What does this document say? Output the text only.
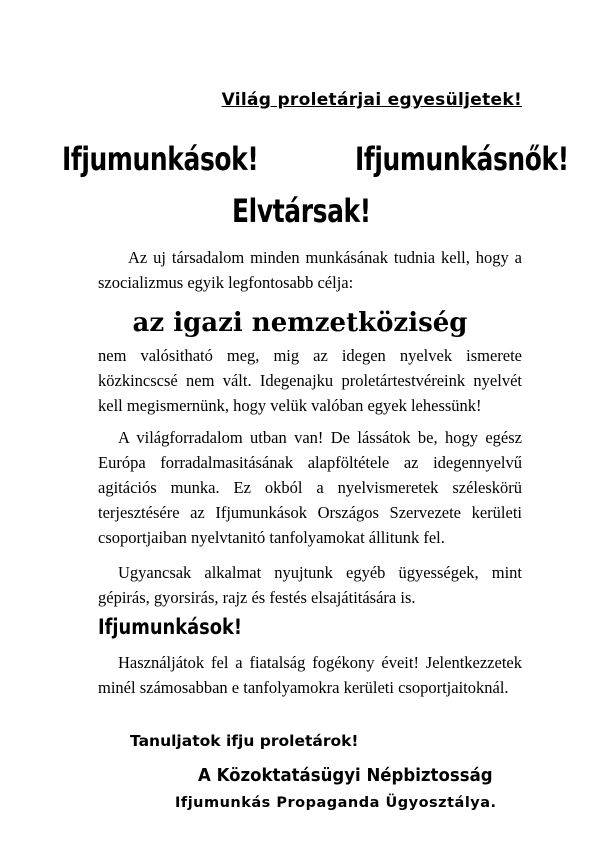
Világ proletárjai egyesüljetek!
Ifjumunkások!	Ifjumunkásnők!
Elvtársak!
Az uj társadalom minden munkásának tudnia kell, hogy a szocializmus egyik legfontosabb célja:
az igazi nemzetköziség
nem valósitható meg, mig az idegen nyelvek ismerete közkincscsé nem vált. Idegenajku proletártestvéreink nyelvét kell megismernünk, hogy velük valóban egyek lehessünk!
A világforradalom utban van! De lássátok be, hogy egész Európa forradalmasitásának alapföltétele az idegennyelvű agitációs munka. Ez okból a nyelvismeretek széleskörü terjesztésére az Ifjumunkások Országos Szervezete kerületi csoportjaiban nyelvtanitó tanfolyamokat állitunk fel.
Ugyancsak alkalmat nyujtunk egyéb ügyességek, mint gépirás, gyorsirás, rajz és festés elsajátitására is.
Ifjumunkások!
Használjátok fel a fiatalság fogékony éveit! Jelentkezzetek minél számosabban e tanfolyamokra kerületi csoportjaitoknál.
Tanuljatok ifju proletárok!
A Közoktatásügyi Népbiztosság
Ifjumunkás Propaganda Ügyosztálya.
